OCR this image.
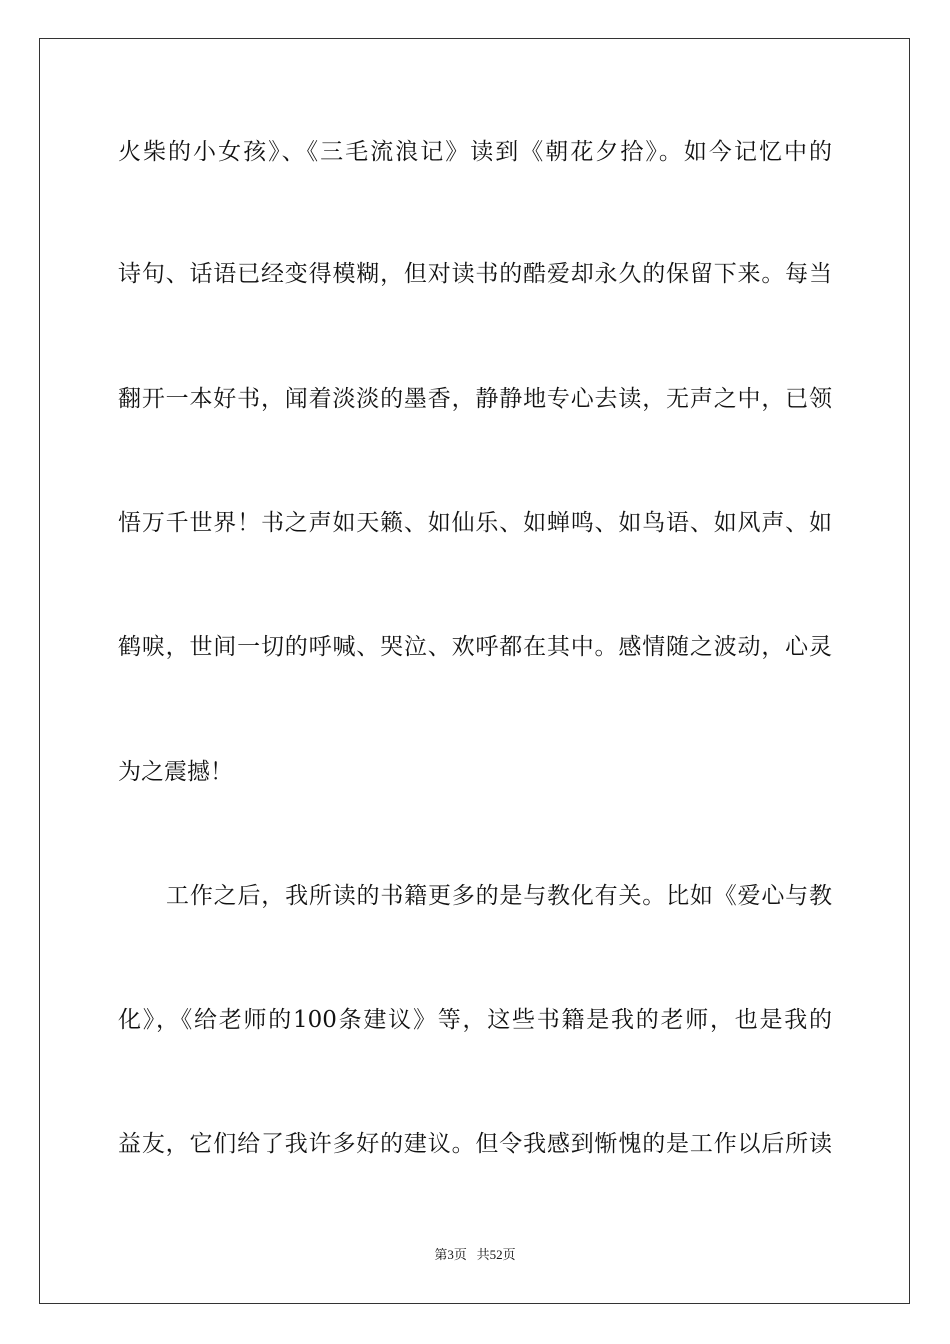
火柴的小女孩》、《三毛流浪记》读到《朝花夕拾》。如今记忆中的
诗句、话语已经变得模糊，但对读书的酷爱却永久的保留下来。每当
翻开一本好书，闻着淡淡的墨香，静静地专心去读，无声之中，已领
悟万千世界！书之声如天籁、如仙乐、如蝉鸣、如鸟语、如风声、如
鹤唳，世间一切的呼喊、哭泣、欢呼都在其中。感情随之波动，心灵
为之震撼！
工作之后，我所读的书籍更多的是与教化有关。比如《爱心与教
化》，《给老师的100条建议》等，这些书籍是我的老师，也是我的
益友，它们给了我许多好的建议。但令我感到惭愧的是工作以后所读
第3页 共52页
